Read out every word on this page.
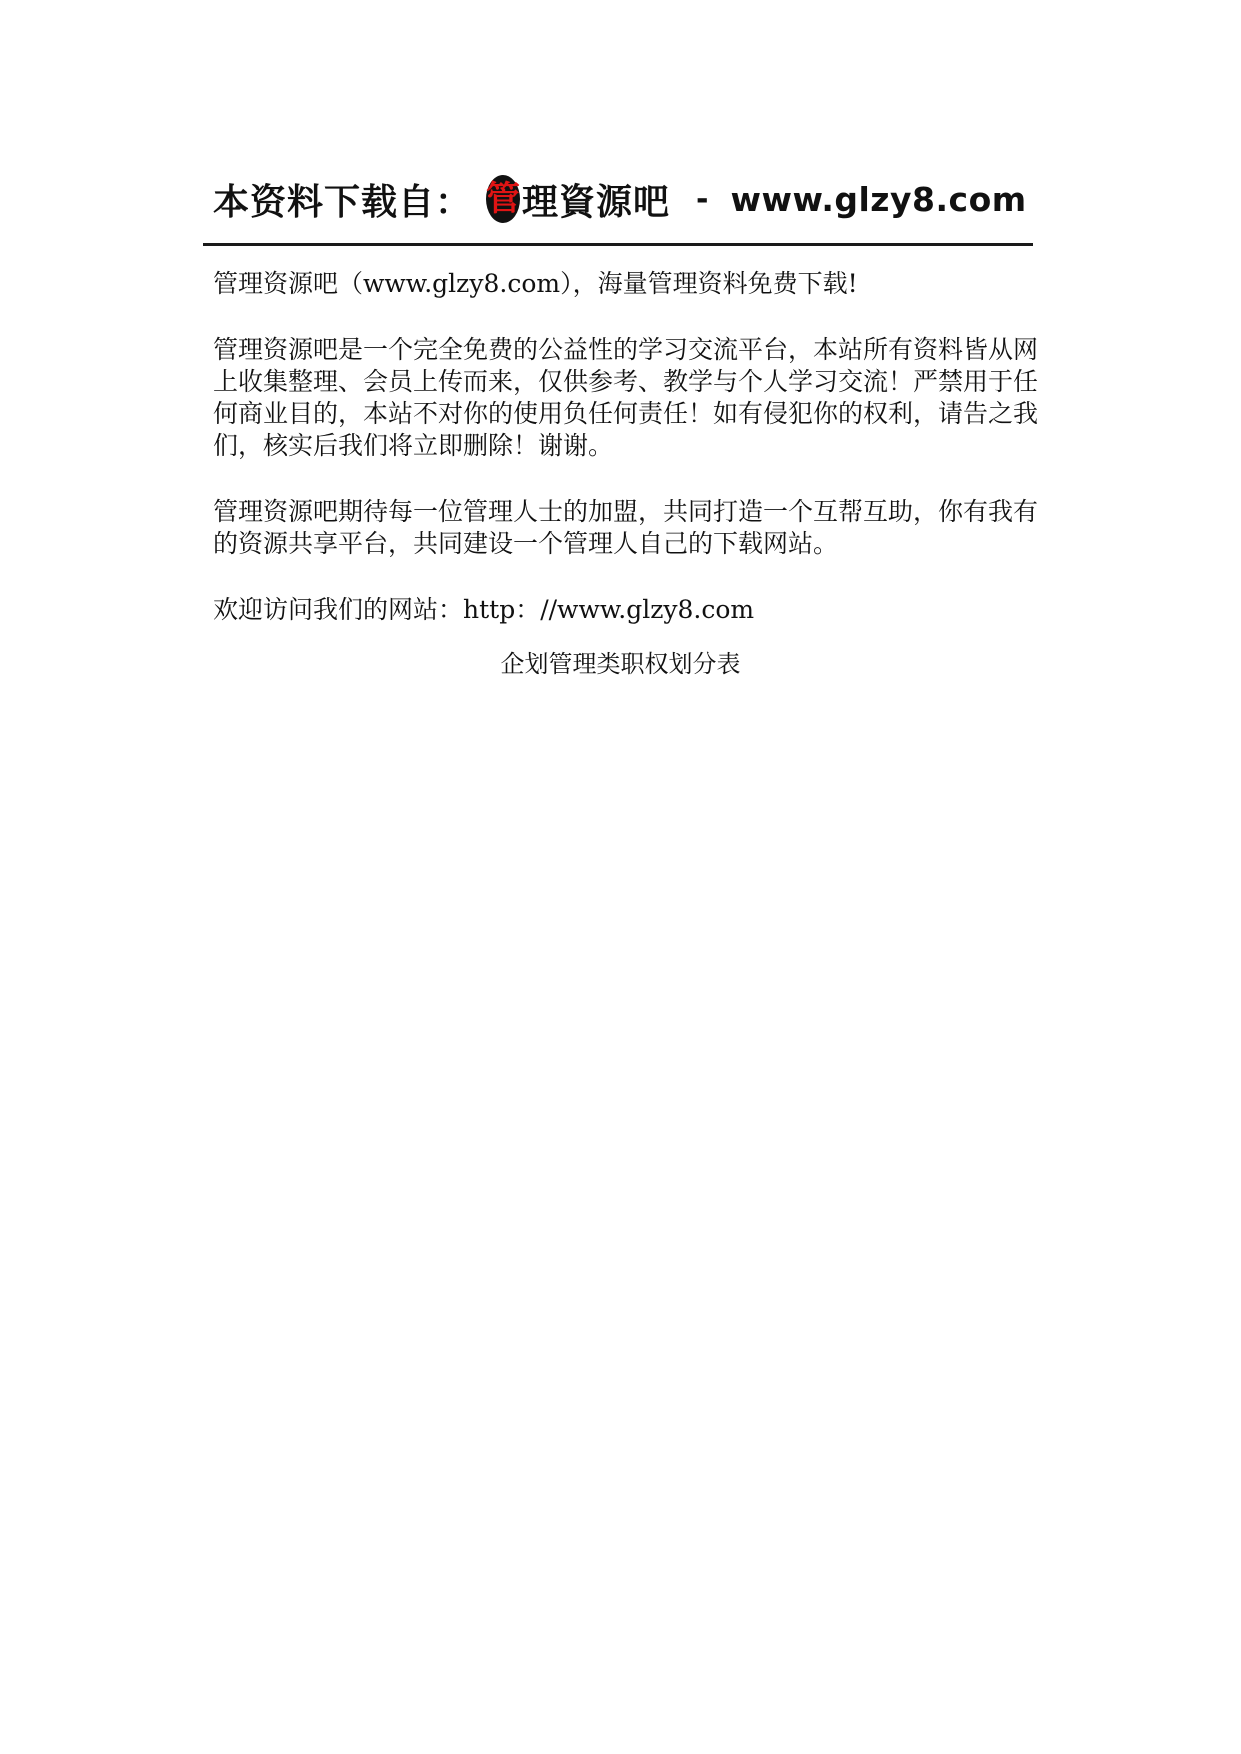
本资料下载自： 管 理資源吧 - www.glzy8.com

管理资源吧（www.glzy8.com），海量管理资料免费下载!

管理资源吧是一个完全免费的公益性的学习交流平台，本站所有资料皆从网上收集整理、会员上传而来，仅供参考、教学与个人学习交流！严禁用于任何商业目的，本站不对你的使用负任何责任！如有侵犯你的权利，请告之我们，核实后我们将立即删除！谢谢。

管理资源吧期待每一位管理人士的加盟，共同打造一个互帮互助，你有我有的资源共享平台，共同建设一个管理人自己的下载网站。

欢迎访问我们的网站：http：//www.glzy8.com

企划管理类职权划分表
